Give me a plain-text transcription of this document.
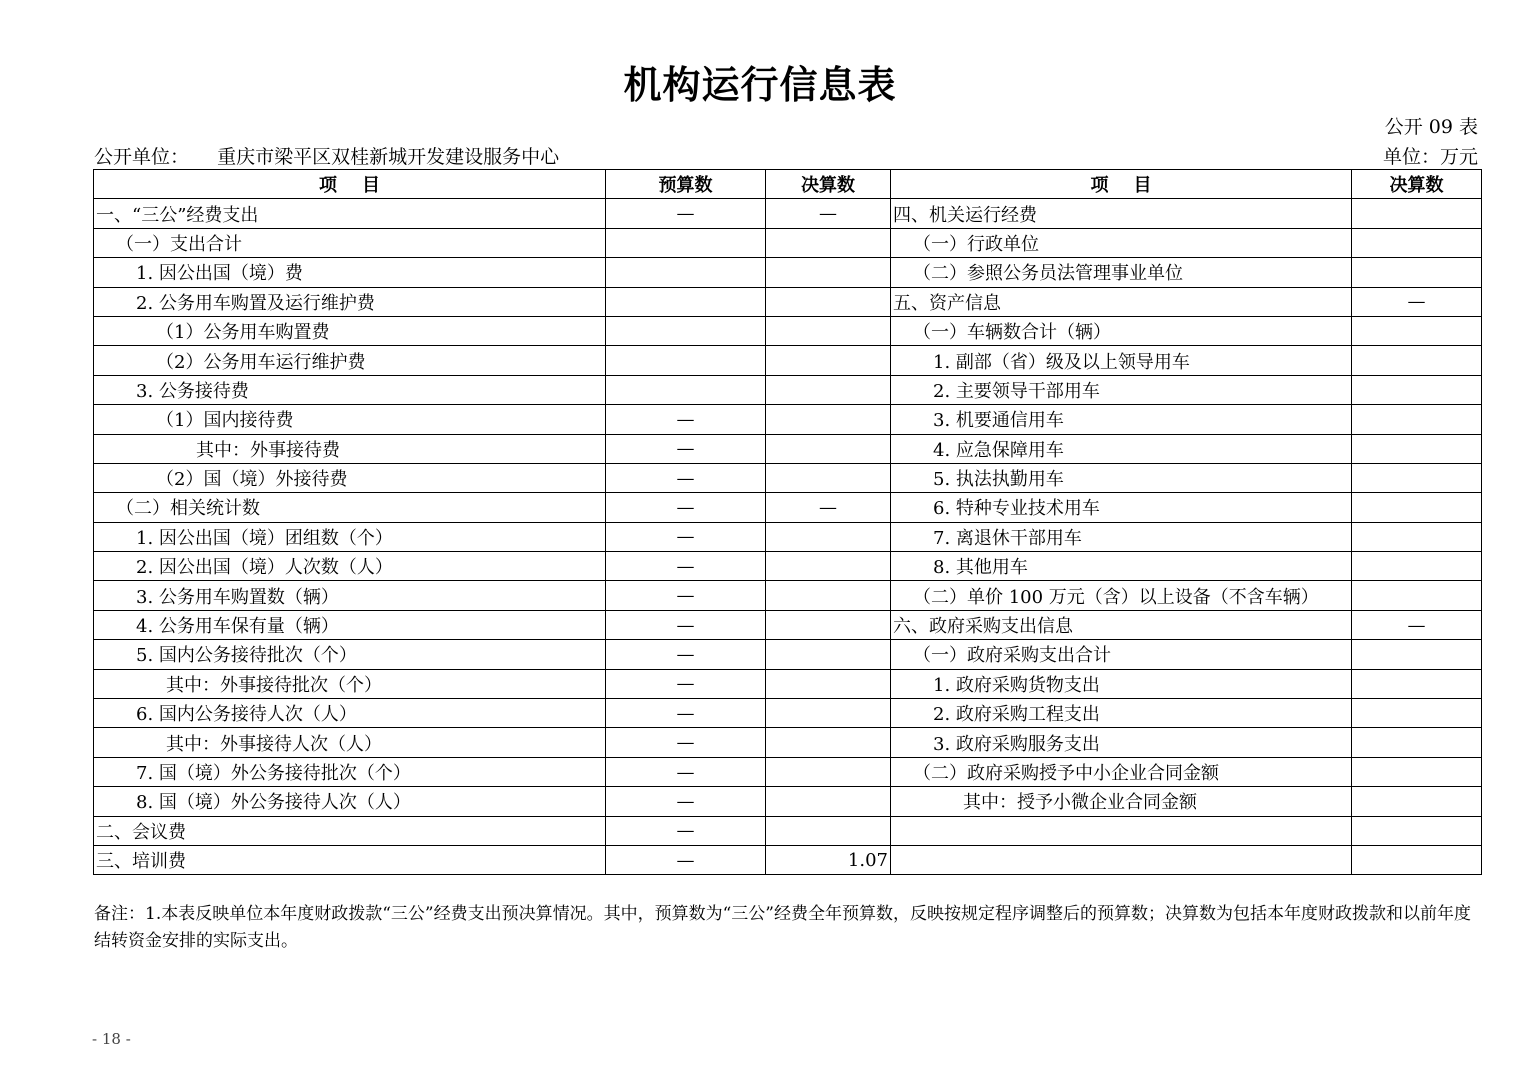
机构运行信息表
公开 09 表
公开单位： 重庆市梁平区双桂新城开发建设服务中心	单位：万元
项    目	预算数	决算数	项    目	决算数
一、“三公”经费支出	—	—	四、机关运行经费	
（一）支出合计			（一）行政单位	
1. 因公出国（境）费			（二）参照公务员法管理事业单位	
2. 公务用车购置及运行维护费			五、资产信息	—
（1）公务用车购置费			（一）车辆数合计（辆）	
（2）公务用车运行维护费			1. 副部（省）级及以上领导用车	
3. 公务接待费			2. 主要领导干部用车	
（1）国内接待费	—		3. 机要通信用车	
其中：外事接待费	—		4. 应急保障用车	
（2）国（境）外接待费	—		5. 执法执勤用车	
（二）相关统计数	—	—	6. 特种专业技术用车	
1. 因公出国（境）团组数（个）	—		7. 离退休干部用车	
2. 因公出国（境）人次数（人）	—		8. 其他用车	
3. 公务用车购置数（辆）	—		（二）单价 100 万元（含）以上设备（不含车辆）	
4. 公务用车保有量（辆）	—		六、政府采购支出信息	—
5. 国内公务接待批次（个）	—		（一）政府采购支出合计	
其中：外事接待批次（个）	—		1. 政府采购货物支出	
6. 国内公务接待人次（人）	—		2. 政府采购工程支出	
其中：外事接待人次（人）	—		3. 政府采购服务支出	
7. 国（境）外公务接待批次（个）	—		（二）政府采购授予中小企业合同金额	
8. 国（境）外公务接待人次（人）	—		其中：授予小微企业合同金额	
二、会议费	—			
三、培训费	—	1.07		
备注：1.本表反映单位本年度财政拨款“三公”经费支出预决算情况。其中，预算数为“三公”经费全年预算数，反映按规定程序调整后的预算数；决算数为包括本年度财政拨款和以前年度结转资金安排的实际支出。
- 18 -
